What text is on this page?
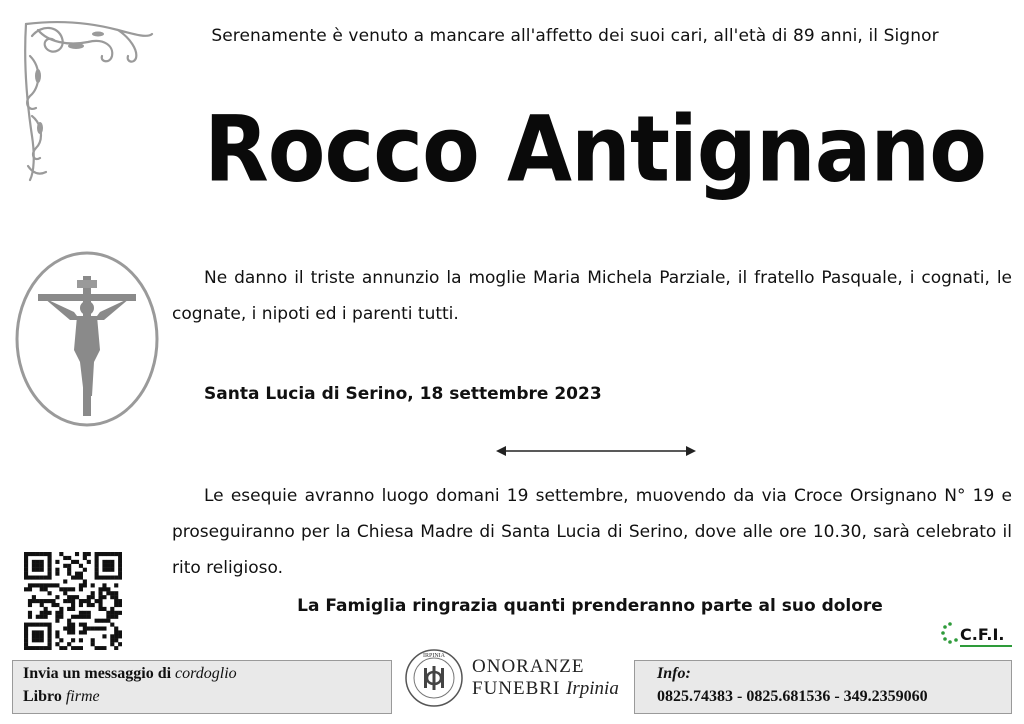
Serenamente è venuto a mancare all'affetto dei suoi cari, all'età di 89 anni, il Signor
Rocco Antignano
Ne danno il triste annunzio la moglie Maria Michela Parziale, il fratello Pasquale, i cognati, le cognate, i nipoti ed i parenti tutti.
Santa Lucia di Serino, 18 settembre 2023
Le esequie avranno luogo domani 19 settembre, muovendo da via Croce Orsignano N° 19 e proseguiranno per la Chiesa Madre di Santa Lucia di Serino, dove alle ore 10.30, sarà celebrato il rito religioso.
La Famiglia ringrazia quanti prenderanno parte al suo dolore
C.F.I.
Invia un messaggio di cordoglio
Libro firme
IRPINIA ONORANZE
FUNEBRI Irpinia
Info:
0825.74383 - 0825.681536 - 349.2359060
